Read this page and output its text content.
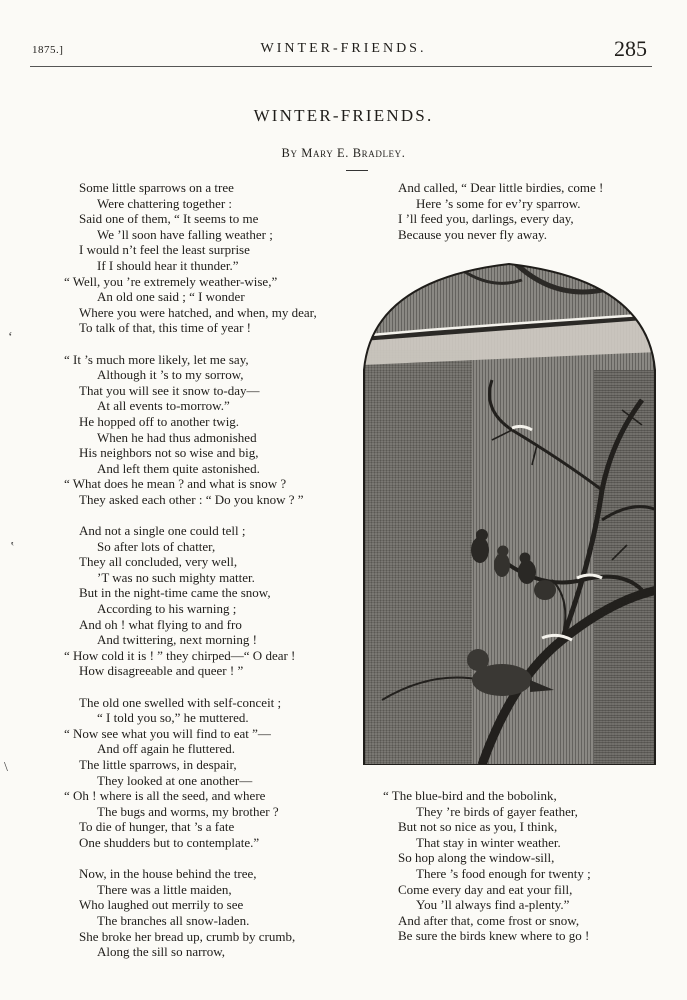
1875.]	WINTER-FRIENDS.	285
WINTER-FRIENDS.
By Mary E. Bradley.
Some little sparrows on a tree
Were chattering together :
Said one of them, “ It seems to me
We ’ll soon have falling weather ;
I would n’t feel the least surprise
If I should hear it thunder.”
“ Well, you ’re extremely weather-wise,”
An old one said ; “ I wonder
Where you were hatched, and when, my dear,
To talk of that, this time of year !
“ It ’s much more likely, let me say,
Although it ’s to my sorrow,
That you will see it snow to-day—
At all events to-morrow.”
He hopped off to another twig.
When he had thus admonished
His neighbors not so wise and big,
And left them quite astonished.
“ What does he mean ? and what is snow ?
They asked each other : “ Do you know ? ”
And not a single one could tell ;
So after lots of chatter,
They all concluded, very well,
’T was no such mighty matter.
But in the night-time came the snow,
According to his warning ;
And oh ! what flying to and fro
And twittering, next morning !
“ How cold it is ! ” they chirped—“ O dear !
How disagreeable and queer ! ”
The old one swelled with self-conceit ;
“ I told you so,” he muttered.
“ Now see what you will find to eat ”—
And off again he fluttered.
The little sparrows, in despair,
They looked at one another—
“ Oh ! where is all the seed, and where
The bugs and worms, my brother ?
To die of hunger, that ’s a fate
One shudders but to contemplate.”
Now, in the house behind the tree,
There was a little maiden,
Who laughed out merrily to see
The branches all snow-laden.
She broke her bread up, crumb by crumb,
Along the sill so narrow,
And called, “ Dear little birdies, come !
Here ’s some for ev’ry sparrow.
I ’ll feed you, darlings, every day,
Because you never fly away.
“ The blue-bird and the bobolink,
They ’re birds of gayer feather,
But not so nice as you, I think,
That stay in winter weather.
So hop along the window-sill,
There ’s food enough for twenty ;
Come every day and eat your fill,
You ’ll always find a-plenty.”
And after that, come frost or snow,
Be sure the birds knew where to go !
‘
‛
\
